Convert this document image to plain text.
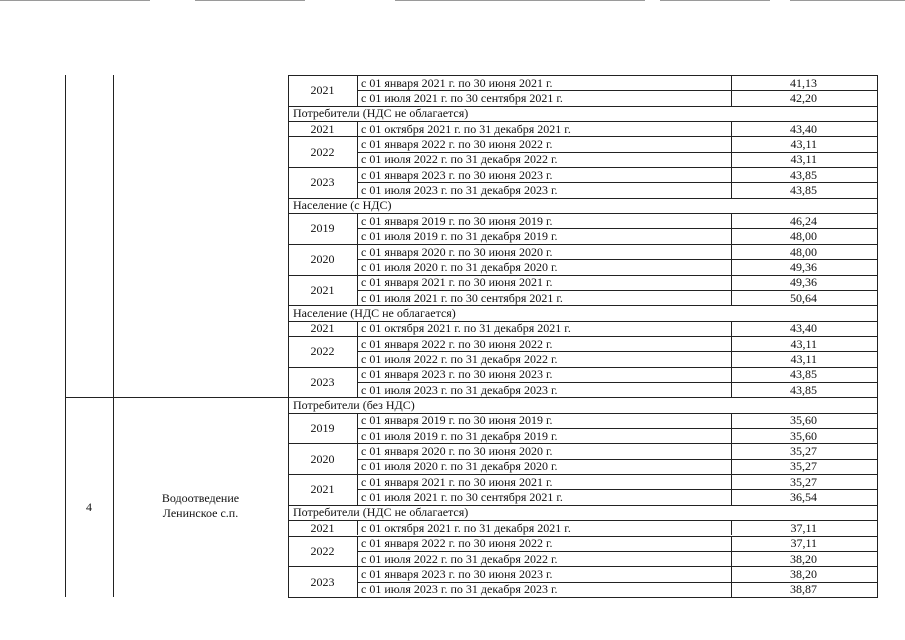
2021
с 01 января 2021 г. по 30 июня 2021 г.	41,13
с 01 июля 2021 г. по 30 сентября 2021 г.	42,20
Потребители (НДС не облагается)
2021	с 01 октября 2021 г. по 31 декабря 2021 г.	43,40
2022
с 01 января 2022 г. по 30 июня 2022 г.	43,11
с 01 июля 2022 г. по 31 декабря 2022 г.	43,11
2023
с 01 января 2023 г. по 30 июня 2023 г.	43,85
с 01 июля 2023 г. по 31 декабря 2023 г.	43,85
Население (с НДС)
2019
с 01 января 2019 г. по 30 июня 2019 г.	46,24
с 01 июля 2019 г. по 31 декабря 2019 г.	48,00
2020
с 01 января 2020 г. по 30 июня 2020 г.	48,00
с 01 июля 2020 г. по 31 декабря 2020 г.	49,36
2021
с 01 января 2021 г. по 30 июня 2021 г.	49,36
с 01 июля 2021 г. по 30 сентября 2021 г.	50,64
Население (НДС не облагается)
2021	с 01 октября 2021 г. по 31 декабря 2021 г.	43,40
2022
с 01 января 2022 г. по 30 июня 2022 г.	43,11
с 01 июля 2022 г. по 31 декабря 2022 г.	43,11
2023
с 01 января 2023 г. по 30 июня 2023 г.	43,85
с 01 июля 2023 г. по 31 декабря 2023 г.	43,85
4
Водоотведение
Ленинское с.п.
Потребители (без НДС)
2019
с 01 января 2019 г. по 30 июня 2019 г.	35,60
с 01 июля 2019 г. по 31 декабря 2019 г.	35,60
2020
с 01 января 2020 г. по 30 июня 2020 г.	35,27
с 01 июля 2020 г. по 31 декабря 2020 г.	35,27
2021
с 01 января 2021 г. по 30 июня 2021 г.	35,27
с 01 июля 2021 г. по 30 сентября 2021 г.	36,54
Потребители (НДС не облагается)
2021	с 01 октября 2021 г. по 31 декабря 2021 г.	37,11
2022
с 01 января 2022 г. по 30 июня 2022 г.	37,11
с 01 июля 2022 г. по 31 декабря 2022 г.	38,20
2023
с 01 января 2023 г. по 30 июня 2023 г.	38,20
с 01 июля 2023 г. по 31 декабря 2023 г.	38,87
